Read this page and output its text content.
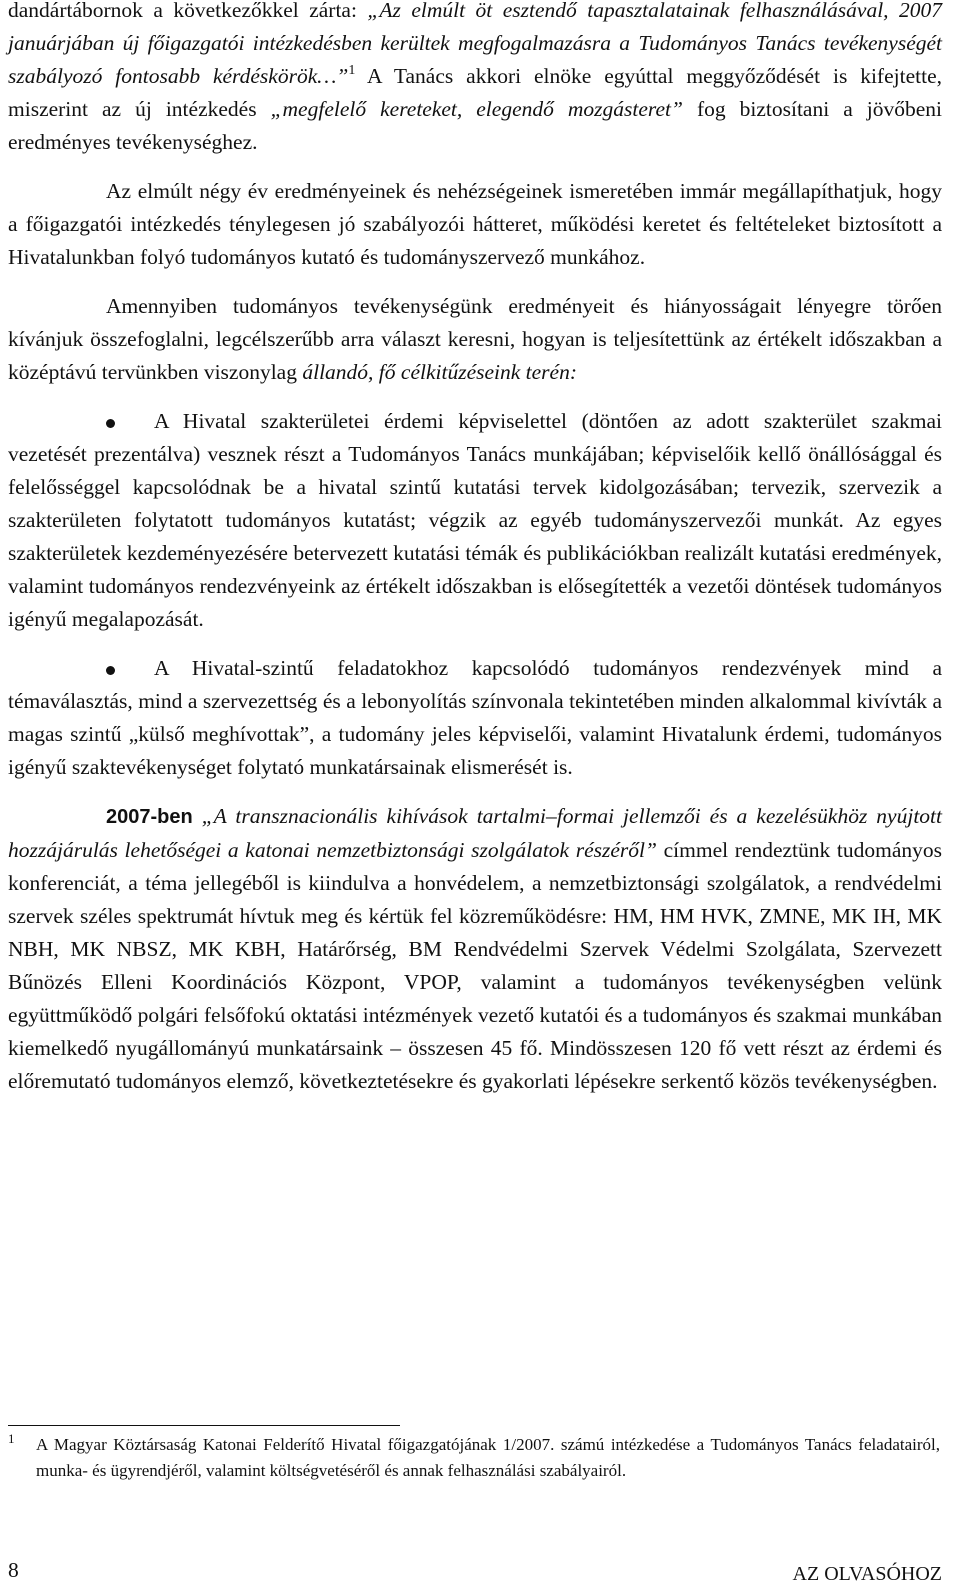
dandártábornok a következőkkel zárta: „Az elmúlt öt esztendő tapasztalatainak felhasználásával, 2007 januárjában új főigazgatói intézkedésben kerültek megfogalmazásra a Tudományos Tanács tevékenységét szabályozó fontosabb kérdéskörök…”$^1$ A Tanács akkori elnöke egyúttal meggyőződését is kifejtette, miszerint az új intézkedés „megfelelő kereteket, elegendő mozgásteret” fog biztosítani a jövőbeni eredményes tevékenységhez.

Az elmúlt négy év eredményeinek és nehézségeinek ismeretében immár megállapíthatjuk, hogy a főigazgatói intézkedés ténylegesen jó szabályozói hátteret, működési keretet és feltételeket biztosított a Hivatalunkban folyó tudományos kutató és tudományszervező munkához.

Amennyiben tudományos tevékenységünk eredményeit és hiányosságait lényegre törően kívánjuk összefoglalni, legcélszerűbb arra választ keresni, hogyan is teljesítettünk az értékelt időszakban a középtávú tervünkben viszonylag állandó, fő célkitűzéseink terén:

A Hivatal szakterületei érdemi képviselettel (döntően az adott szakterület szakmai vezetését prezentálva) vesznek részt a Tudományos Tanács munkájában; képviselőik kellő önállósággal és felelősséggel kapcsolódnak be a hivatal szintű kutatási tervek kidolgozásában; tervezik, szervezik a szakterületen folytatott tudományos kutatást; végzik az egyéb tudományszervezői munkát. Az egyes szakterületek kezdeményezésére betervezett kutatási témák és publikációkban realizált kutatási eredmények, valamint tudományos rendezvényeink az értékelt időszakban is elősegítették a vezetői döntések tudományos igényű megalapozását.

A Hivatal-szintű feladatokhoz kapcsolódó tudományos rendezvények mind a témaválasztás, mind a szervezettség és a lebonyolítás színvonala tekintetében minden alkalommal kivívták a magas szintű „külső meghívottak”, a tudomány jeles képviselői, valamint Hivatalunk érdemi, tudományos igényű szaktevékenységet folytató munkatársainak elismerését is.

2007-ben „A transznacionális kihívások tartalmi–formai jellemzői és a kezelésükhöz nyújtott hozzájárulás lehetőségei a katonai nemzetbiztonsági szolgálatok részéről” címmel rendeztünk tudományos konferenciát, a téma jellegéből is kiindulva a honvédelem, a nemzetbiztonsági szolgálatok, a rendvédelmi szervek széles spektrumát hívtuk meg és kértük fel közreműködésre: HM, HM HVK, ZMNE, MK IH, MK NBH, MK NBSZ, MK KBH, Határőrség, BM Rendvédelmi Szervek Védelmi Szolgálata, Szervezett Bűnözés Elleni Koordinációs Központ, VPOP, valamint a tudományos tevékenységben velünk együttműködő polgári felsőfokú oktatási intézmények vezető kutatói és a tudományos és szakmai munkában kiemelkedő nyugállományú munkatársaink – összesen 45 fő. Mindösszesen 120 fő vett részt az érdemi és előremutató tudományos elemző, következtetésekre és gyakorlati lépésekre serkentő közös tevékenységben.

1	A Magyar Köztársaság Katonai Felderítő Hivatal főigazgatójának 1/2007. számú intézkedése a Tudományos Tanács feladatairól, munka- és ügyrendjéről, valamint költségvetéséről és annak felhasználási szabályairól.

8	AZ OLVASÓHOZ
